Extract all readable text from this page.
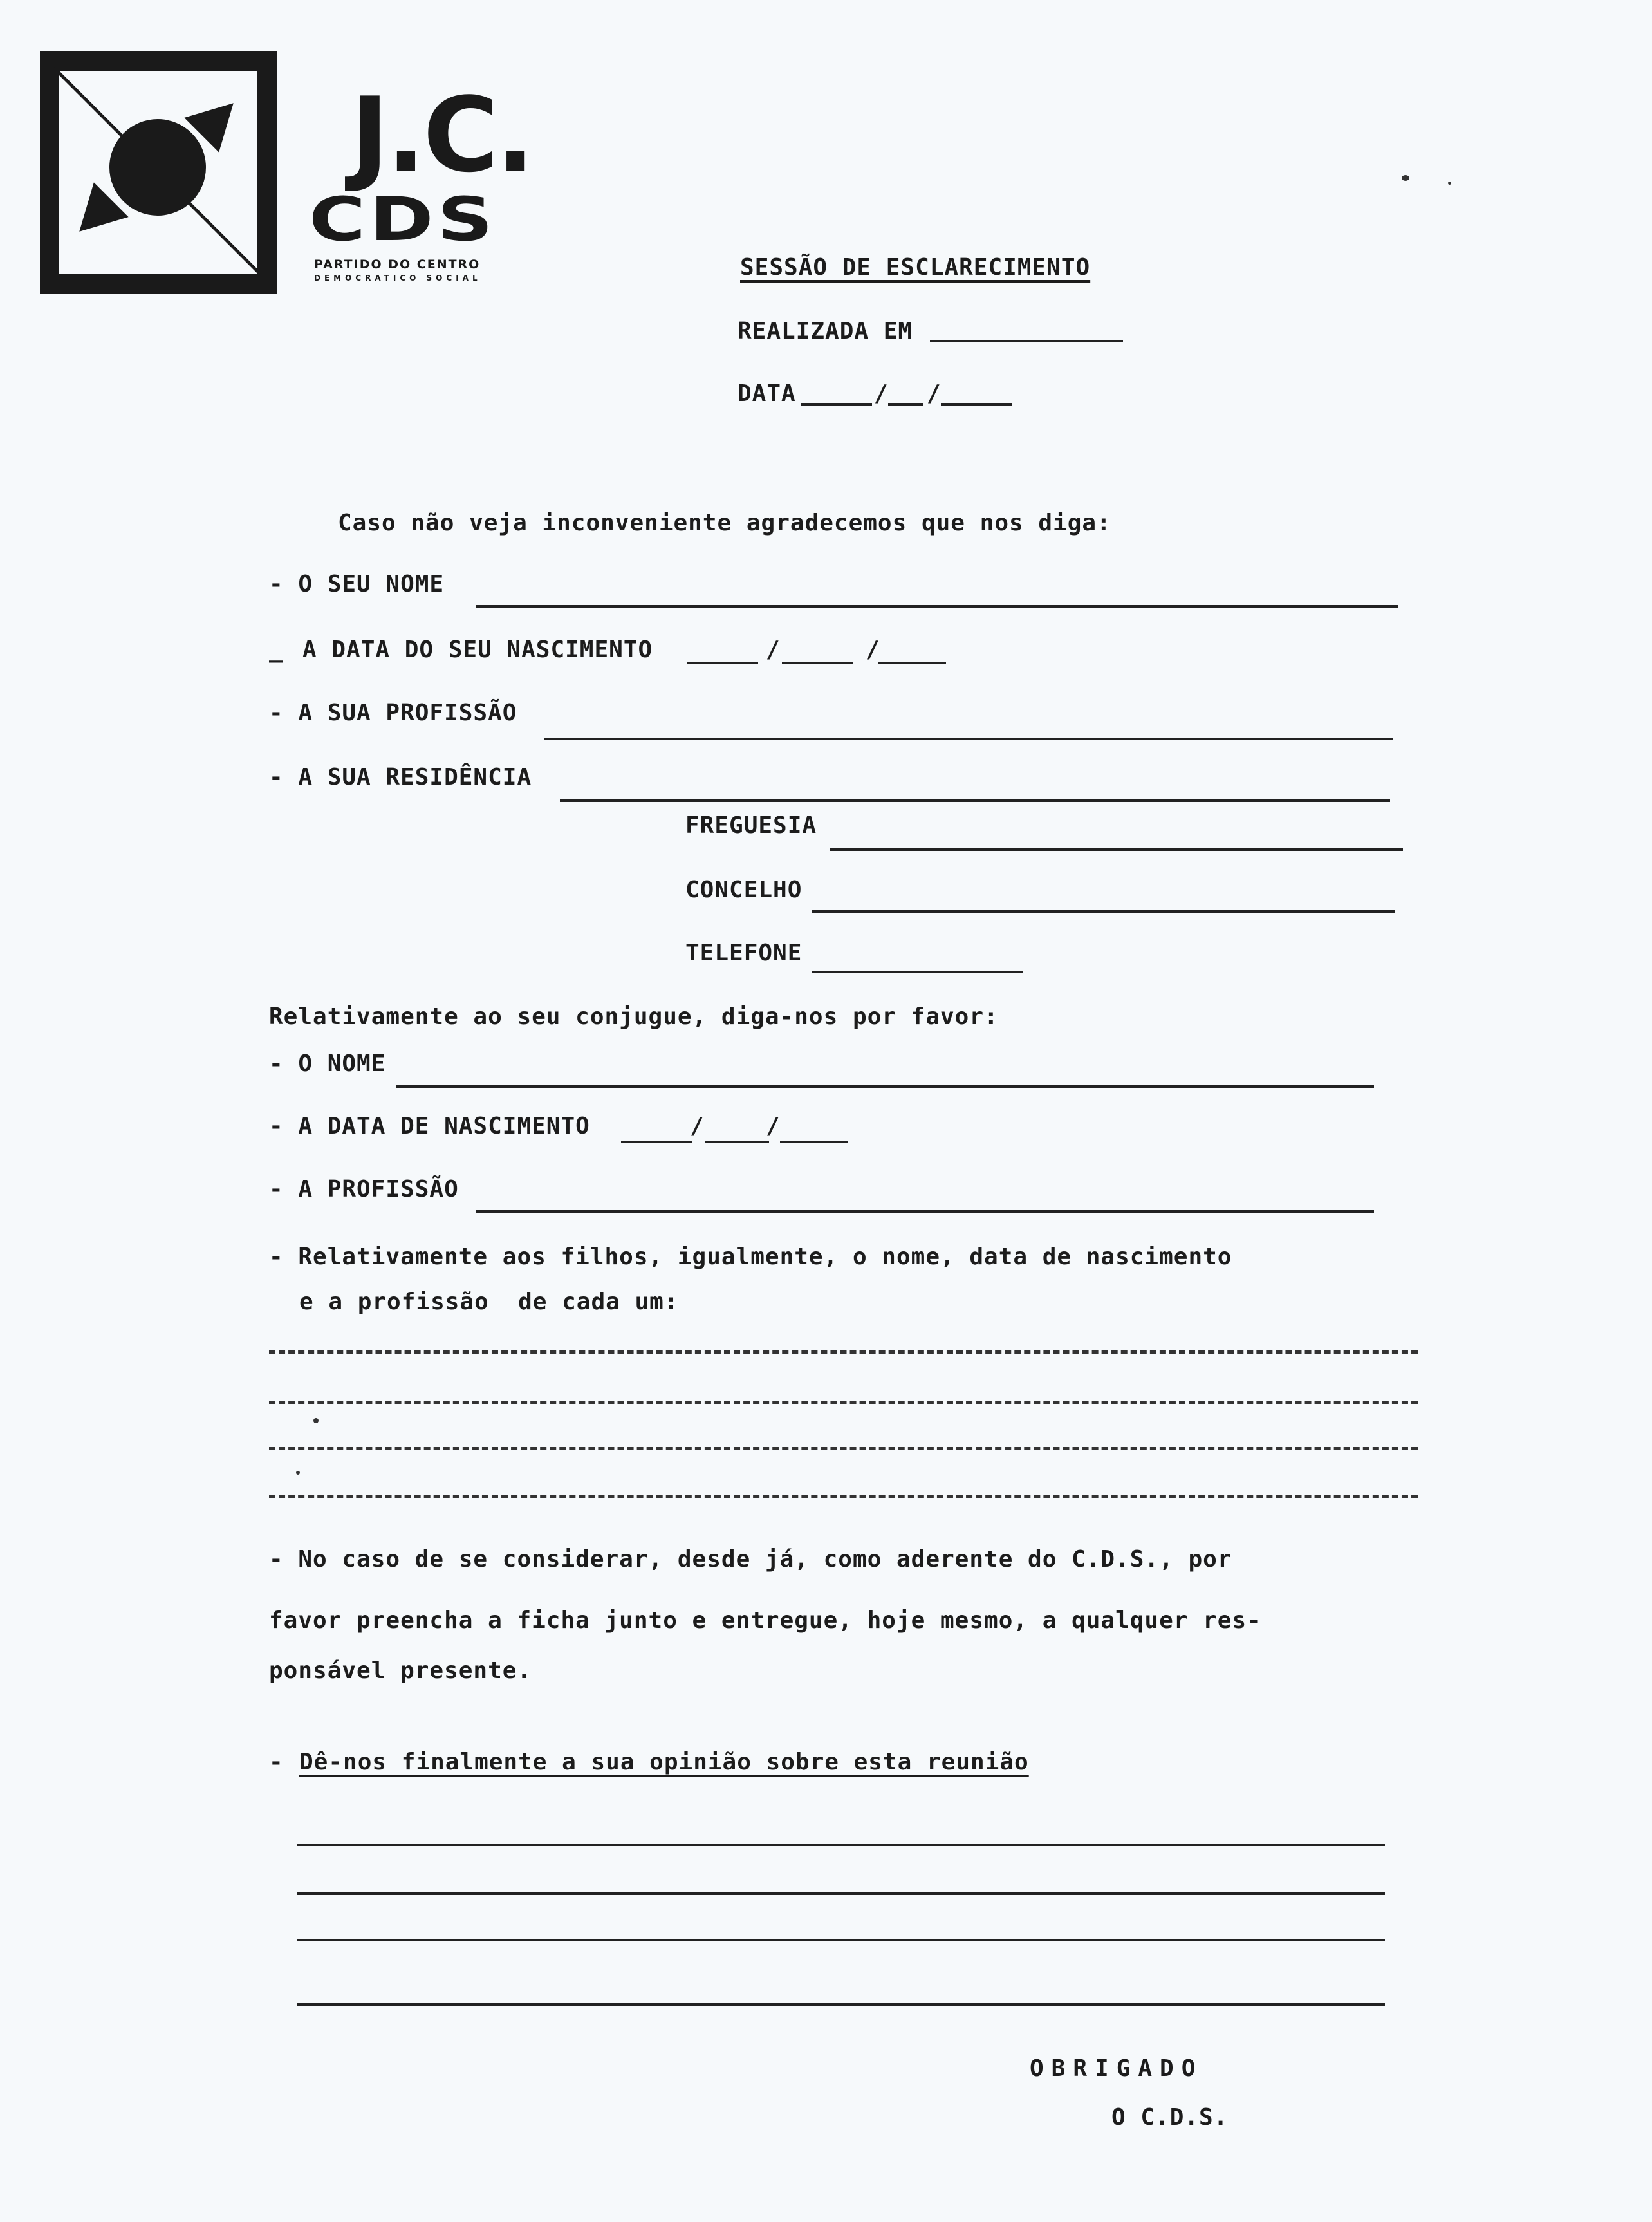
J.C.
CDS
PARTIDO DO CENTRO
DEMOCRATICO SOCIAL	SESSÃO DE ESCLARECIMENTO
REALIZADA EM
DATA	/ /
Caso não veja inconveniente agradecemos que nos diga:
- O SEU NOME
_ A DATA DO SEU NASCIMENTO	/	/
- A SUA PROFISSÃO
- A SUA RESIDÊNCIA
FREGUESIA
CONCELHO
TELEFONE
Relativamente ao seu conjugue, diga-nos por favor:
- O NOME
- A DATA DE NASCIMENTO	/	/
- A PROFISSÃO
- Relativamente aos filhos, igualmente, o nome, data de nascimento
e a profissão  de cada um:
- No caso de se considerar, desde já, como aderente do C.D.S., por
favor preencha a ficha junto e entregue, hoje mesmo, a qualquer res-
ponsável presente.
- Dê-nos finalmente a sua opinião sobre esta reunião
OBRIGADO
O C.D.S.
